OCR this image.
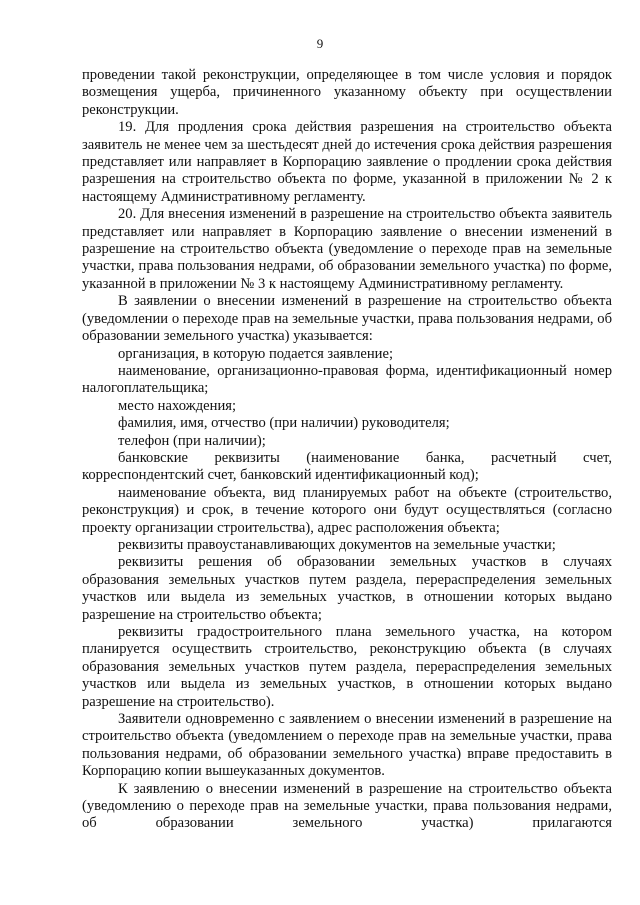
9

проведении такой реконструкции, определяющее в том числе условия и порядок возмещения ущерба, причиненного указанному объекту при осуществлении реконструкции.

19. Для продления срока действия разрешения на строительство объекта заявитель не менее чем за шестьдесят дней до истечения срока действия разрешения представляет или направляет в Корпорацию заявление о продлении срока действия разрешения на строительство объекта по форме, указанной в приложении № 2 к настоящему Административному регламенту.

20. Для внесения изменений в разрешение на строительство объекта заявитель представляет или направляет в Корпорацию заявление о внесении изменений в разрешение на строительство объекта (уведомление о переходе прав на земельные участки, права пользования недрами, об образовании земельного участка) по форме, указанной в приложении № 3 к настоящему Административному регламенту.

В заявлении о внесении изменений в разрешение на строительство объекта (уведомлении о переходе прав на земельные участки, права пользования недрами, об образовании земельного участка) указывается:

организация, в которую подается заявление;

наименование, организационно-правовая форма, идентификационный номер налогоплательщика;

место нахождения;

фамилия, имя, отчество (при наличии) руководителя;

телефон (при наличии);

банковские реквизиты (наименование банка, расчетный счет, корреспондентский счет, банковский идентификационный код);

наименование объекта, вид планируемых работ на объекте (строительство, реконструкция) и срок, в течение которого они будут осуществляться (согласно проекту организации строительства), адрес расположения объекта;

реквизиты правоустанавливающих документов на земельные участки;

реквизиты решения об образовании земельных участков в случаях образования земельных участков путем раздела, перераспределения земельных участков или выдела из земельных участков, в отношении которых выдано разрешение на строительство объекта;

реквизиты градостроительного плана земельного участка, на котором планируется осуществить строительство, реконструкцию объекта (в случаях образования земельных участков путем раздела, перераспределения земельных участков или выдела из земельных участков, в отношении которых выдано разрешение на строительство).

Заявители одновременно с заявлением о внесении изменений в разрешение на строительство объекта (уведомлением о переходе прав на земельные участки, права пользования недрами, об образовании земельного участка) вправе предоставить в Корпорацию копии вышеуказанных документов.

К заявлению о внесении изменений в разрешение на строительство объекта (уведомлению о переходе прав на земельные участки, права пользования недрами, об образовании земельного участка) прилагаются
